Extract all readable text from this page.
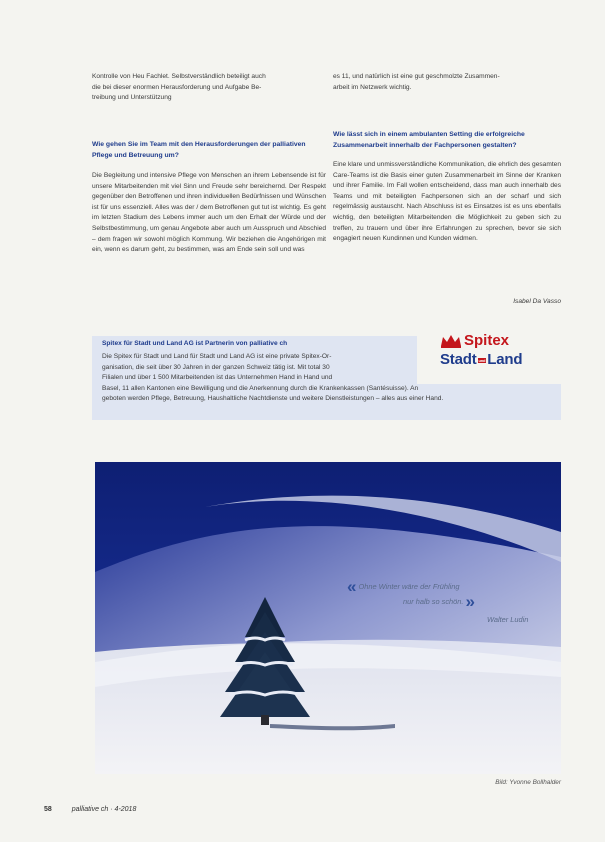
Kontrolle von Heu Fachlet. Selbstverständlich beteiligt auch

die bei dieser enormen Herausforderung und Aufgabe Be-

treibung und Unterstützung

es 11, und natürlich ist eine gut geschmolzte Zusammen-

arbeit im Netzwerk wichtig.

Wie gehen Sie im Team mit den Herausforderungen der palliativen Pflege und Betreuung um?

Die Begleitung und intensive Pflege von Menschen an ihrem Lebensende ist für unsere Mitarbeitenden mit viel Sinn und Freude sehr bereichernd. Der Respekt gegenüber den Betroffenen und ihren individuellen Bedürfnissen und Wünschen ist für uns essenziell. Alles was der / dem Betroffenen gut tut ist wichtig. Es geht im letzten Stadium des Lebens immer auch um den Erhalt der Würde und der Selbstbestimmung, um genau Angebote aber auch um Ausspruch und Abschied – dem fragen wir sowohl möglich Kommung. Wir beziehen die Angehörigen mit ein, wenn es darum geht, zu bestimmen, was am Ende sein soll und was

Wie lässt sich in einem ambulanten Setting die erfolgreiche Zusammenarbeit innerhalb der Fachpersonen gestalten?

Eine klare und unmissverständliche Kommunikation, die ehrlich des gesamten Care-Teams ist die Basis einer guten Zusammenarbeit im Sinne der Kranken und ihrer Familie. Im Fall wollen entscheidend, dass man auch innerhalb des Teams und mit beteiligten Fachpersonen sich an der scharf und sich regelmässig austauscht. Nach Abschluss ist es Einsatzes ist es uns ebenfalls wichtig, den beteiligten Mitarbeitenden die Möglichkeit zu geben sich zu treffen, zu trauern und über ihre Erfahrungen zu sprechen, bevor sie sich engagiert neuen Kundinnen und Kunden widmen.

Isabel Da Vasso
Spitex für Stadt und Land AG ist Partnerin von palliative ch
Die Spitex für Stadt und Land für Stadt und Land AG ist eine private Spitex-Or-
ganisation, die seit über 30 Jahren in der ganzen Schweiz tätig ist. Mit total 30
Filialen und über 1 500 Mitarbeitenden ist das Unternehmen Hand in Hand und
Basel, 11 allen Kantonen eine Bewilligung und die Anerkennung durch die Krankenkassen (Santésuisse). An
geboten werden Pflege, Betreuung, Haushaltliche Nachtdienste und weitere Dienstleistungen – alles aus einer Hand.
Spitex
Stadt und Land
« Ohne Winter wäre der Frühling
nur halb so schön. »
Walter Ludin
Bild: Yvonne Bollhalder
58	palliative ch · 4-2018
